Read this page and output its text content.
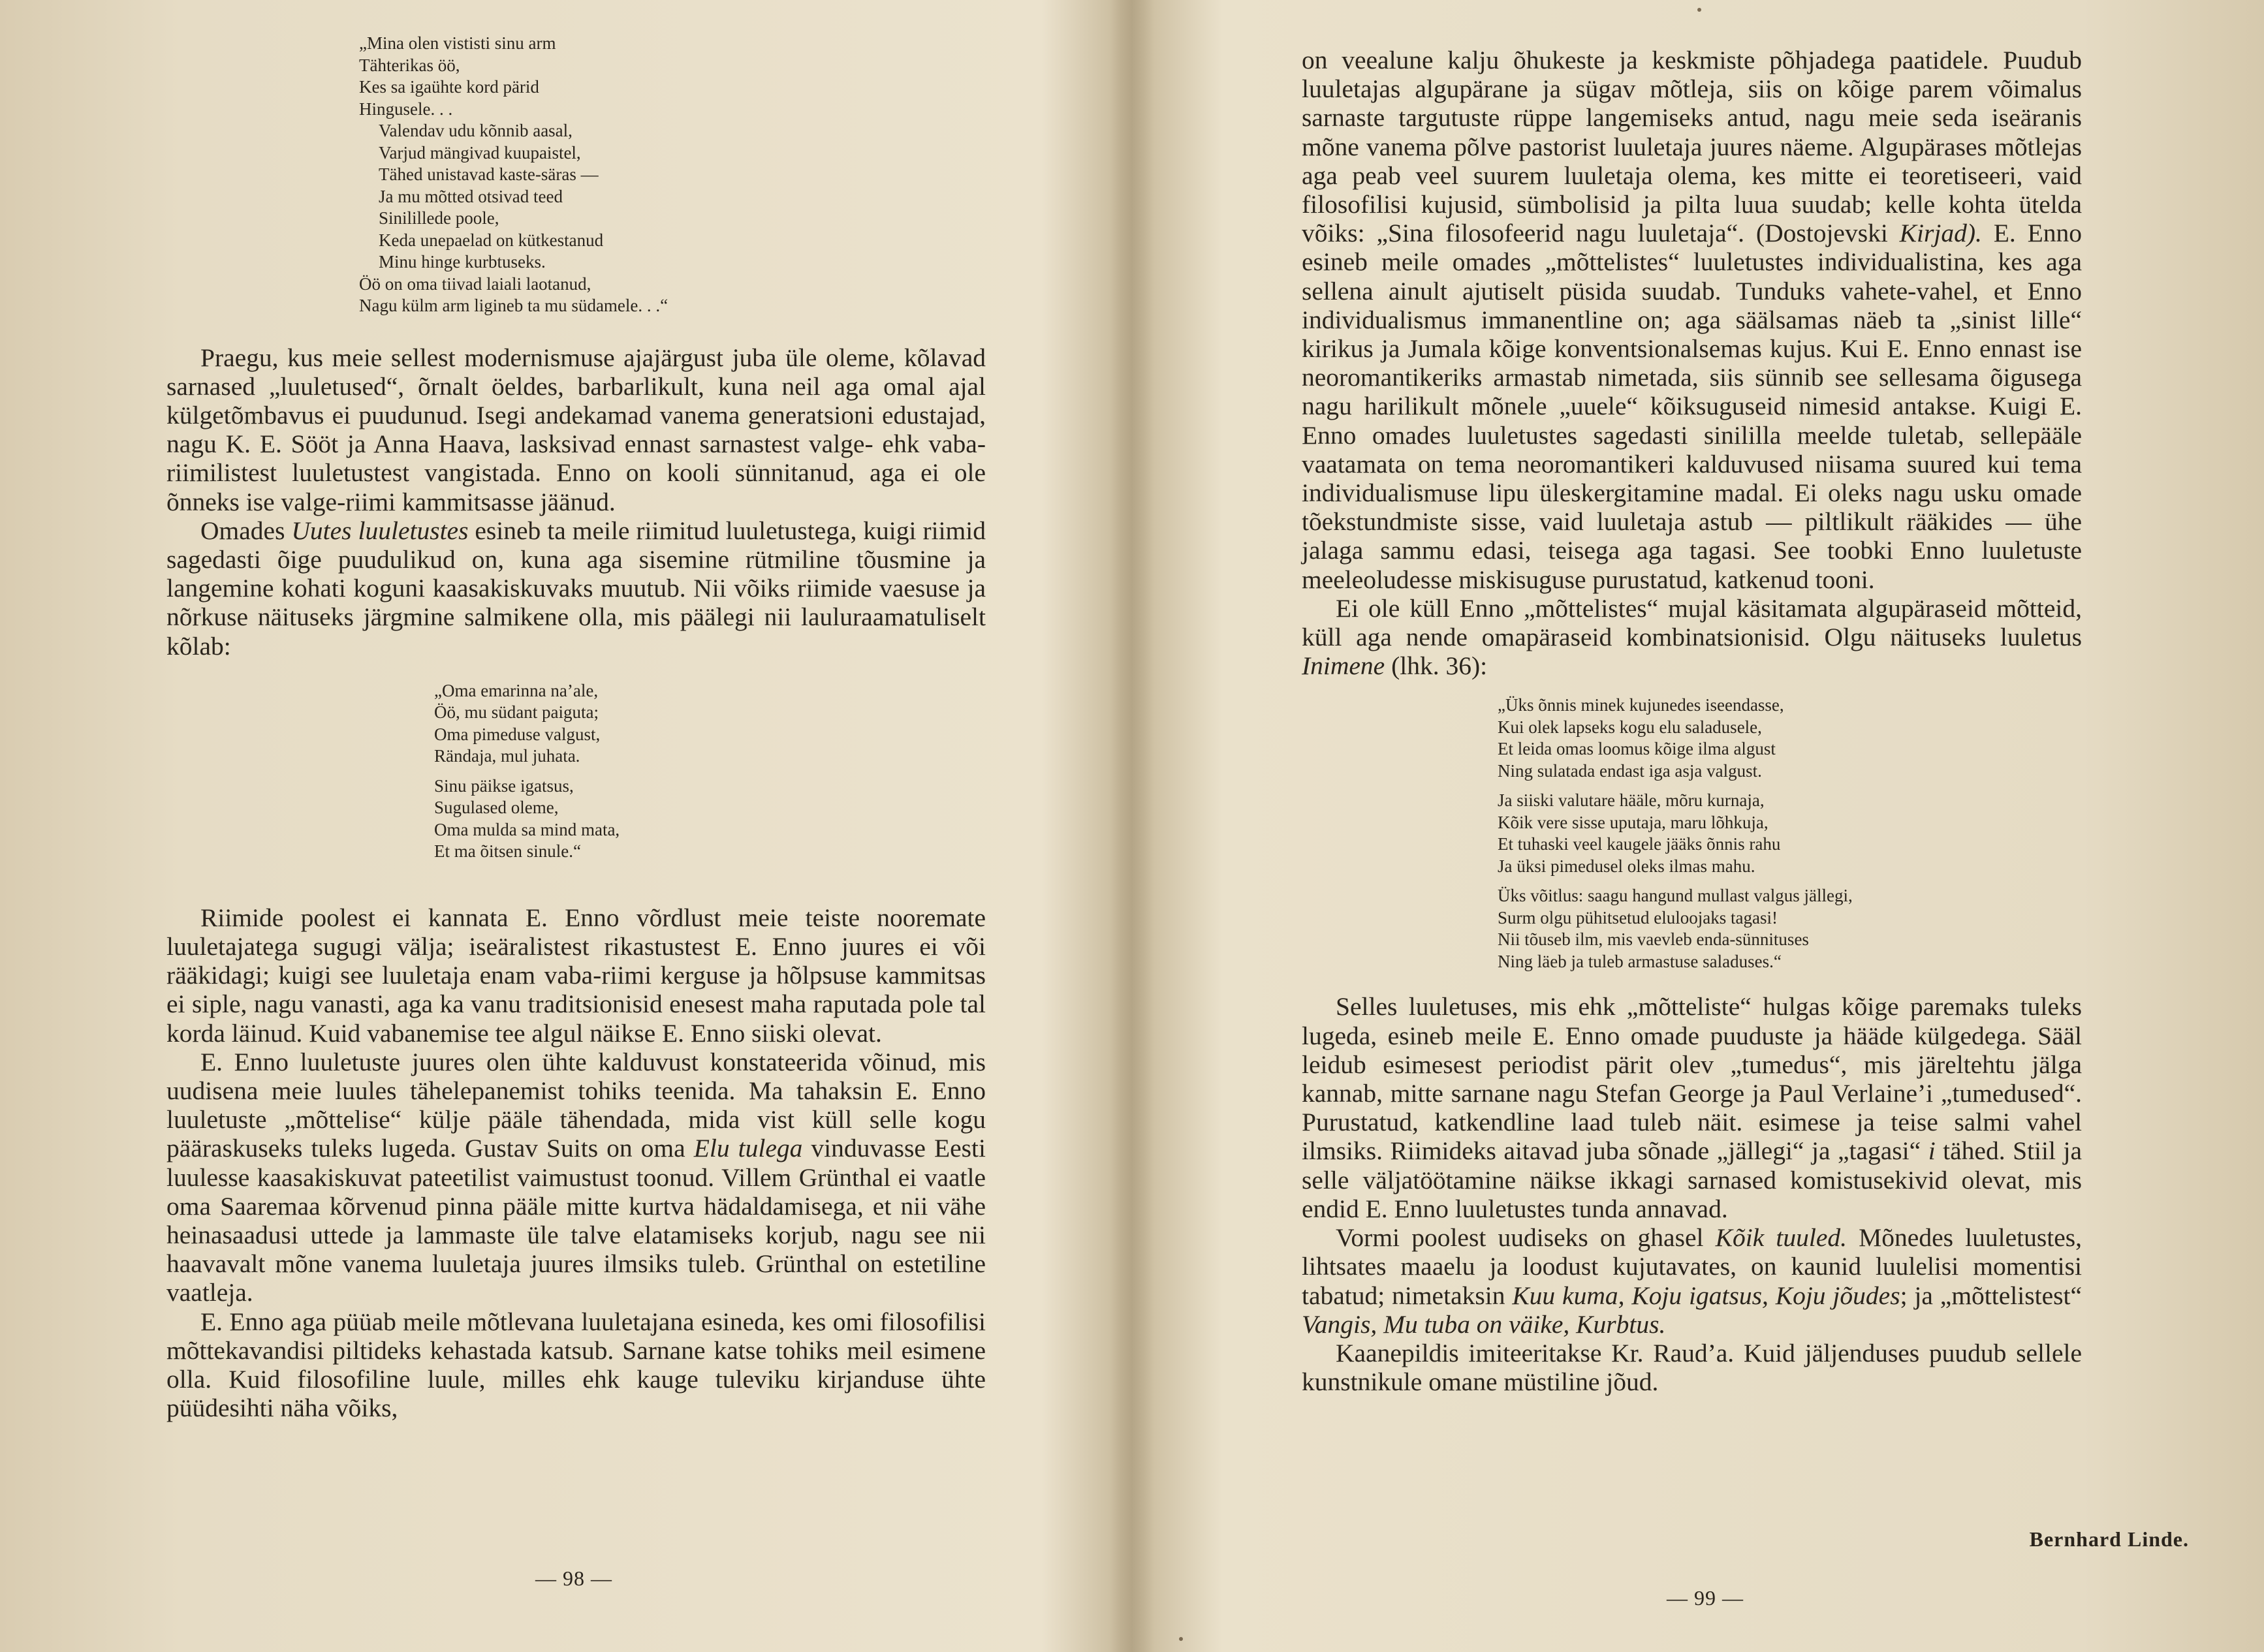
„Mina olen vististi sinu arm
Tähterikas öö,
Kes sa igaühte kord pärid
Hingusele. . .
Valendav udu kõnnib aasal,
Varjud mängivad kuupaistel,
Tähed unistavad kaste-säras —
Ja mu mõtted otsivad teed
Sinilillede poole,
Keda unepaelad on kütkestanud
Minu hinge kurbtuseks.
Öö on oma tiivad laiali laotanud,
Nagu külm arm ligineb ta mu südamele. . .“

Praegu, kus meie sellest modernismuse ajajärgust juba üle oleme, kõlavad sarnased „luuletused“, õrnalt öeldes, barbarlikult, kuna neil aga omal ajal külgetõmbavus ei puudunud. Isegi andekamad vanema generatsioni edustajad, nagu K. E. Sööt ja Anna Haava, lasksivad ennast sarnastest valge- ehk vaba-riimilistest luuletustest vangistada. Enno on kooli sünnitanud, aga ei ole õnneks ise valge-riimi kammitsasse jäänud.

Omades Uutes luuletustes esineb ta meile riimitud luuletustega, kuigi riimid sagedasti õige puudulikud on, kuna aga sisemine rütmiline tõusmine ja langemine kohati koguni kaasakiskuvaks muutub. Nii võiks riimide vaesuse ja nõrkuse näituseks järgmine salmikene olla, mis päälegi nii lauluraamatuliselt kõlab:

„Oma emarinna na’ale,
Öö, mu südant paiguta;
Oma pimeduse valgust,
Rändaja, mul juhata.
Sinu päikse igatsus,
Sugulased oleme,
Oma mulda sa mind mata,
Et ma õitsen sinule.“

Riimide poolest ei kannata E. Enno võrdlust meie teiste nooremate luuletajatega sugugi välja; iseäralistest rikastustest E. Enno juures ei või rääkidagi; kuigi see luuletaja enam vaba-riimi kerguse ja hõlpsuse kammitsas ei siple, nagu vanasti, aga ka vanu traditsionisid enesest maha raputada pole tal korda läinud. Kuid vabanemise tee algul näikse E. Enno siiski olevat.

E. Enno luuletuste juures olen ühte kalduvust konstateerida võinud, mis uudisena meie luules tähelepanemist tohiks teenida. Ma tahaksin E. Enno luuletuste „mõttelise“ külje pääle tähendada, mida vist küll selle kogu pääraskuseks tuleks lugeda. Gustav Suits on oma Elu tulega vinduvasse Eesti luulesse kaasakiskuvat pateetilist vaimustust toonud. Villem Grünthal ei vaatle oma Saaremaa kõrvenud pinna pääle mitte kurtva hädaldamisega, et nii vähe heinasaadusi uttede ja lammaste üle talve elatamiseks korjub, nagu see nii haavavalt mõne vanema luuletaja juures ilmsiks tuleb. Grünthal on estetiline vaatleja.

E. Enno aga püüab meile mõtlevana luuletajana esineda, kes omi filosofilisi mõttekavandisi piltideks kehastada katsub. Sarnane katse tohiks meil esimene olla. Kuid filosofiline luule, milles ehk kauge tuleviku kirjanduse ühte püüdesihti näha võiks,

— 98 —

on veealune kalju õhukeste ja keskmiste põhjadega paatidele. Puudub luuletajas algupärane ja sügav mõtleja, siis on kõige parem võimalus sarnaste targutuste rüppe langemiseks antud, nagu meie seda iseäranis mõne vanema põlve pastorist luuletaja juures näeme. Algupärases mõtlejas aga peab veel suurem luuletaja olema, kes mitte ei teoretiseeri, vaid filosofilisi kujusid, sümbolisid ja pilta luua suudab; kelle kohta ütelda võiks: „Sina filosofeerid nagu luuletaja“. (Dostojevski Kirjad). E. Enno esineb meile omades „mõttelistes“ luuletustes individualistina, kes aga sellena ainult ajutiselt püsida suudab. Tunduks vahete-vahel, et Enno individualismus immanentline on; aga säälsamas näeb ta „sinist lille“ kirikus ja Jumala kõige konventsionalsemas kujus. Kui E. Enno ennast ise neoromantikeriks armastab nimetada, siis sünnib see sellesama õigusega nagu harilikult mõnele „uuele“ kõiksuguseid nimesid antakse. Kuigi E. Enno omades luuletustes sagedasti sinililla meelde tuletab, sellepääle vaatamata on tema neoromantikeri kalduvused niisama suured kui tema individualismuse lipu üleskergitamine madal. Ei oleks nagu usku omade tõekstundmiste sisse, vaid luuletaja astub — piltlikult rääkides — ühe jalaga sammu edasi, teisega aga tagasi. See toobki Enno luuletuste meeleoludesse miskisuguse purustatud, katkenud tooni.

Ei ole küll Enno „mõttelistes“ mujal käsitamata algupäraseid mõtteid, küll aga nende omapäraseid kombinatsionisid. Olgu näituseks luuletus Inimene (lhk. 36):

„Üks õnnis minek kujunedes iseendasse,
Kui olek lapseks kogu elu saladusele,
Et leida omas loomus kõige ilma algust
Ning sulatada endast iga asja valgust.
Ja siiski valutare hääle, mõru kurnaja,
Kõik vere sisse uputaja, maru lõhkuja,
Et tuhaski veel kaugele jääks õnnis rahu
Ja üksi pimedusel oleks ilmas mahu.
Üks võitlus: saagu hangund mullast valgus jällegi,
Surm olgu pühitsetud eluloojaks tagasi!
Nii tõuseb ilm, mis vaevleb enda-sünnituses
Ning läeb ja tuleb armastuse saladuses.“

Selles luuletuses, mis ehk „mõtteliste“ hulgas kõige paremaks tuleks lugeda, esineb meile E. Enno omade puuduste ja hääde külgedega. Sääl leidub esimesest periodist pärit olev „tumedus“, mis järeltehtu jälga kannab, mitte sarnane nagu Stefan George ja Paul Verlaine’i „tumedused“. Purustatud, katkendline laad tuleb näit. esimese ja teise salmi vahel ilmsiks. Riimideks aitavad juba sõnade „jällegi“ ja „tagasi“ i tähed. Stiil ja selle väljatöötamine näikse ikkagi sarnased komistusekivid olevat, mis endid E. Enno luuletustes tunda annavad.

Vormi poolest uudiseks on ghasel Kõik tuuled. Mõnedes luuletustes, lihtsates maaelu ja loodust kujutavates, on kaunid luulelisi momentisi tabatud; nimetaksin Kuu kuma, Koju igatsus, Koju jõudes; ja „mõttelistest“ Vangis, Mu tuba on väike, Kurbtus.

Kaanepildis imiteeritakse Kr. Raud’a. Kuid jäljenduses puudub sellele kunstnikule omane müstiline jõud.

Bernhard Linde.
— 99 —
